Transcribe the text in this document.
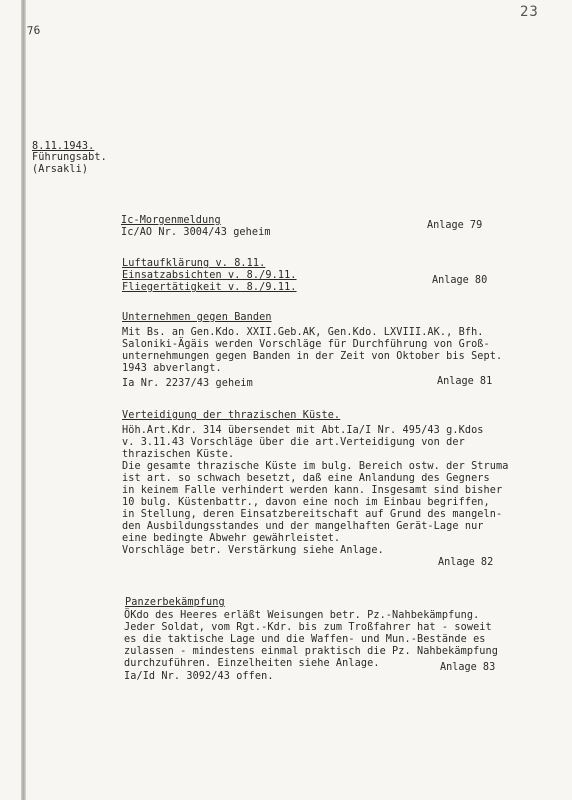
23
76
8.11.1943.
Führungsabt.
(Arsakli)
Ic-Morgenmeldung
Ic/AO Nr. 3004/43 geheim
Anlage 79
Luftaufklärung v. 8.11.
Einsatzabsichten v. 8./9.11.
Fliegertätigkeit v. 8./9.11.
Anlage 80
Unternehmen gegen Banden
Mit Bs. an Gen.Kdo. XXII.Geb.AK, Gen.Kdo. LXVIII.AK., Bfh.
Saloniki-Ägäis werden Vorschläge für Durchführung von Groß-
unternehmungen gegen Banden in der Zeit von Oktober bis Sept.
1943 abverlangt.
Ia Nr. 2237/43 geheim	Anlage 81
Verteidigung der thrazischen Küste.
Höh.Art.Kdr. 314 übersendet mit Abt.Ia/I Nr. 495/43 g.Kdos
v. 3.11.43 Vorschläge über die art.Verteidigung von der
thrazischen Küste.
Die gesamte thrazische Küste im bulg. Bereich ostw. der Struma
ist art. so schwach besetzt, daß eine Anlandung des Gegners
in keinem Falle verhindert werden kann. Insgesamt sind bisher
10 bulg. Küstenbattr., davon eine noch im Einbau begriffen,
in Stellung, deren Einsatzbereitschaft auf Grund des mangeln-
den Ausbildungsstandes und der mangelhaften Gerät-Lage nur
eine bedingte Abwehr gewährleistet.
Vorschläge betr. Verstärkung siehe Anlage.
Anlage 82
Panzerbekämpfung
ÖKdo des Heeres erläßt Weisungen betr. Pz.-Nahbekämpfung.
Jeder Soldat, vom Rgt.-Kdr. bis zum Troßfahrer hat - soweit
es die taktische Lage und die Waffen- und Mun.-Bestände es
zulassen - mindestens einmal praktisch die Pz. Nahbekämpfung
durchzuführen. Einzelheiten siehe Anlage.
Ia/Id Nr. 3092/43 offen.
Anlage 83
